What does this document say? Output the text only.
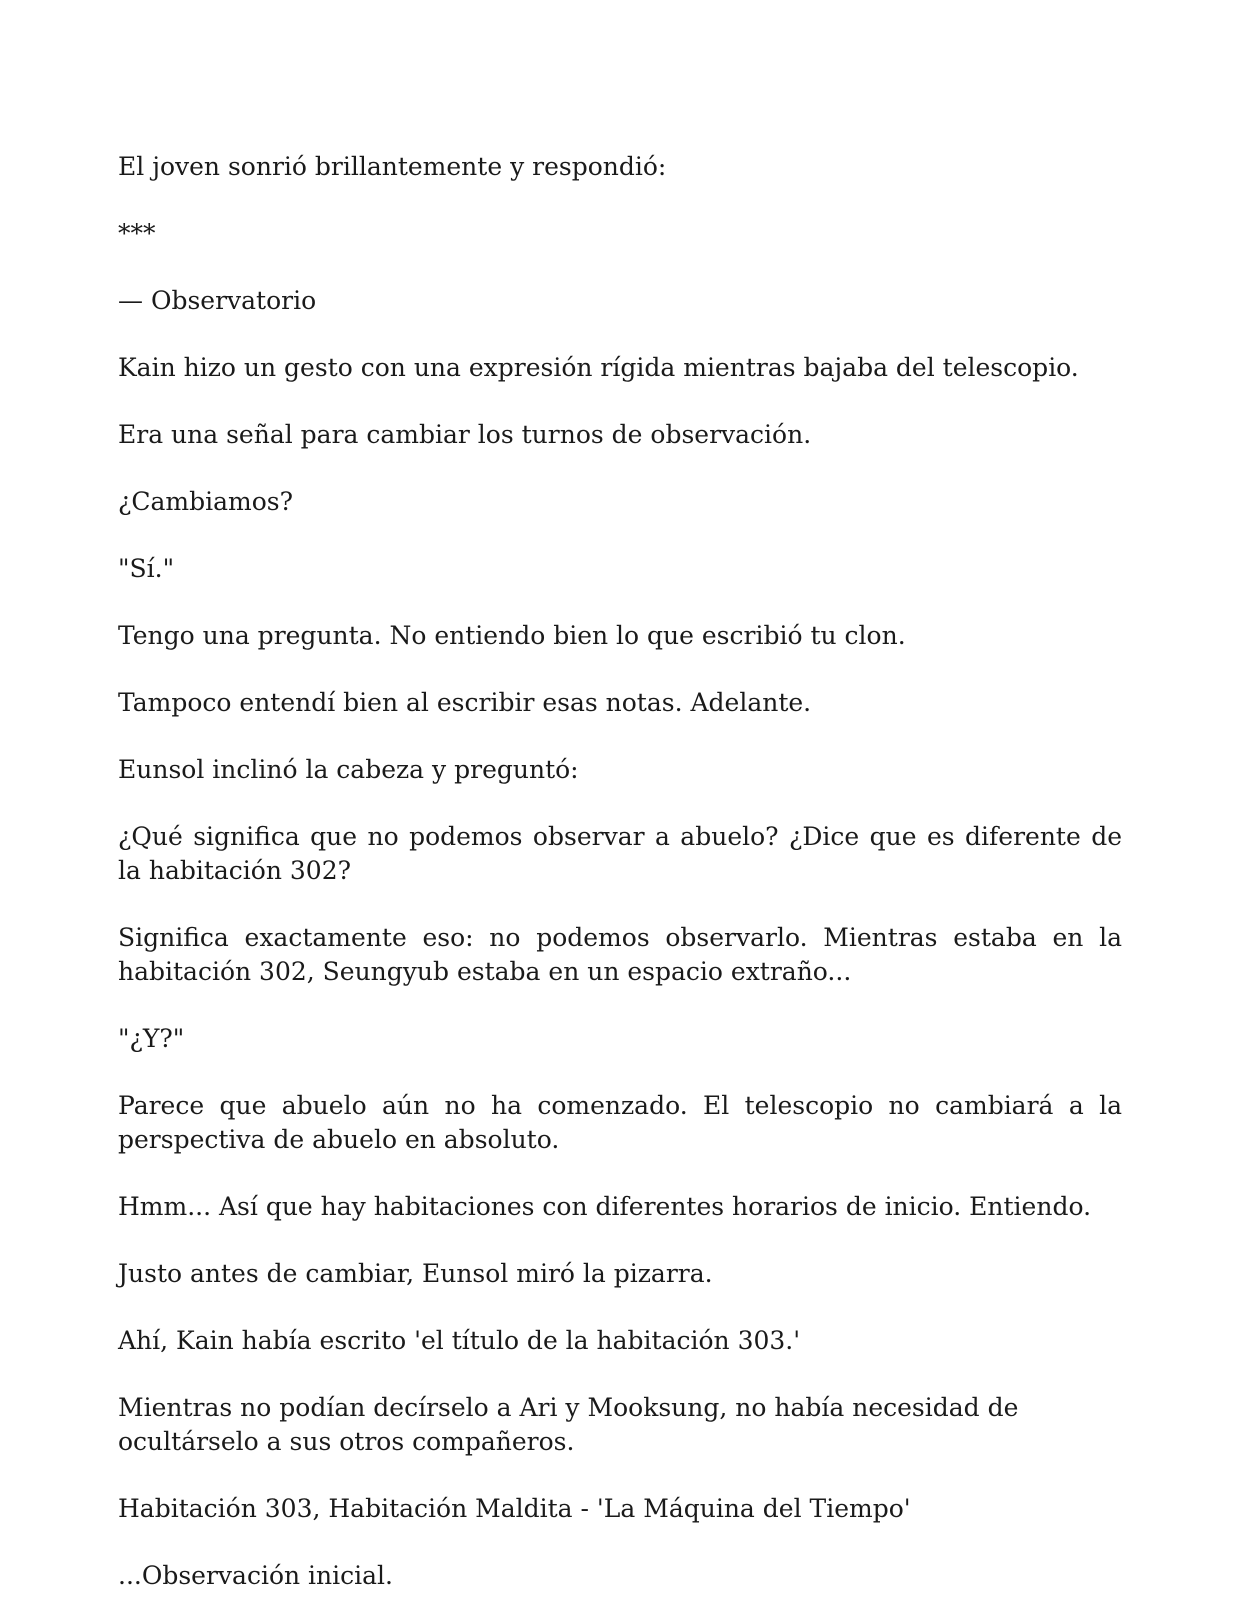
El joven sonrió brillantemente y respondió:

***

— Observatorio

Kain hizo un gesto con una expresión rígida mientras bajaba del telescopio.

Era una señal para cambiar los turnos de observación.

¿Cambiamos?

"Sí."

Tengo una pregunta. No entiendo bien lo que escribió tu clon.

Tampoco entendí bien al escribir esas notas. Adelante.

Eunsol inclinó la cabeza y preguntó:

¿Qué significa que no podemos observar a abuelo? ¿Dice que es diferente de la habitación 302?

Significa exactamente eso: no podemos observarlo. Mientras estaba en la habitación 302, Seungyub estaba en un espacio extraño...

"¿Y?"

Parece que abuelo aún no ha comenzado. El telescopio no cambiará a la perspectiva de abuelo en absoluto.

Hmm... Así que hay habitaciones con diferentes horarios de inicio. Entiendo.

Justo antes de cambiar, Eunsol miró la pizarra.

Ahí, Kain había escrito 'el título de la habitación 303.'

Mientras no podían decírselo a Ari y Mooksung, no había necesidad de ocultárselo a sus otros compañeros.

Habitación 303, Habitación Maldita - 'La Máquina del Tiempo'

...Observación inicial.
